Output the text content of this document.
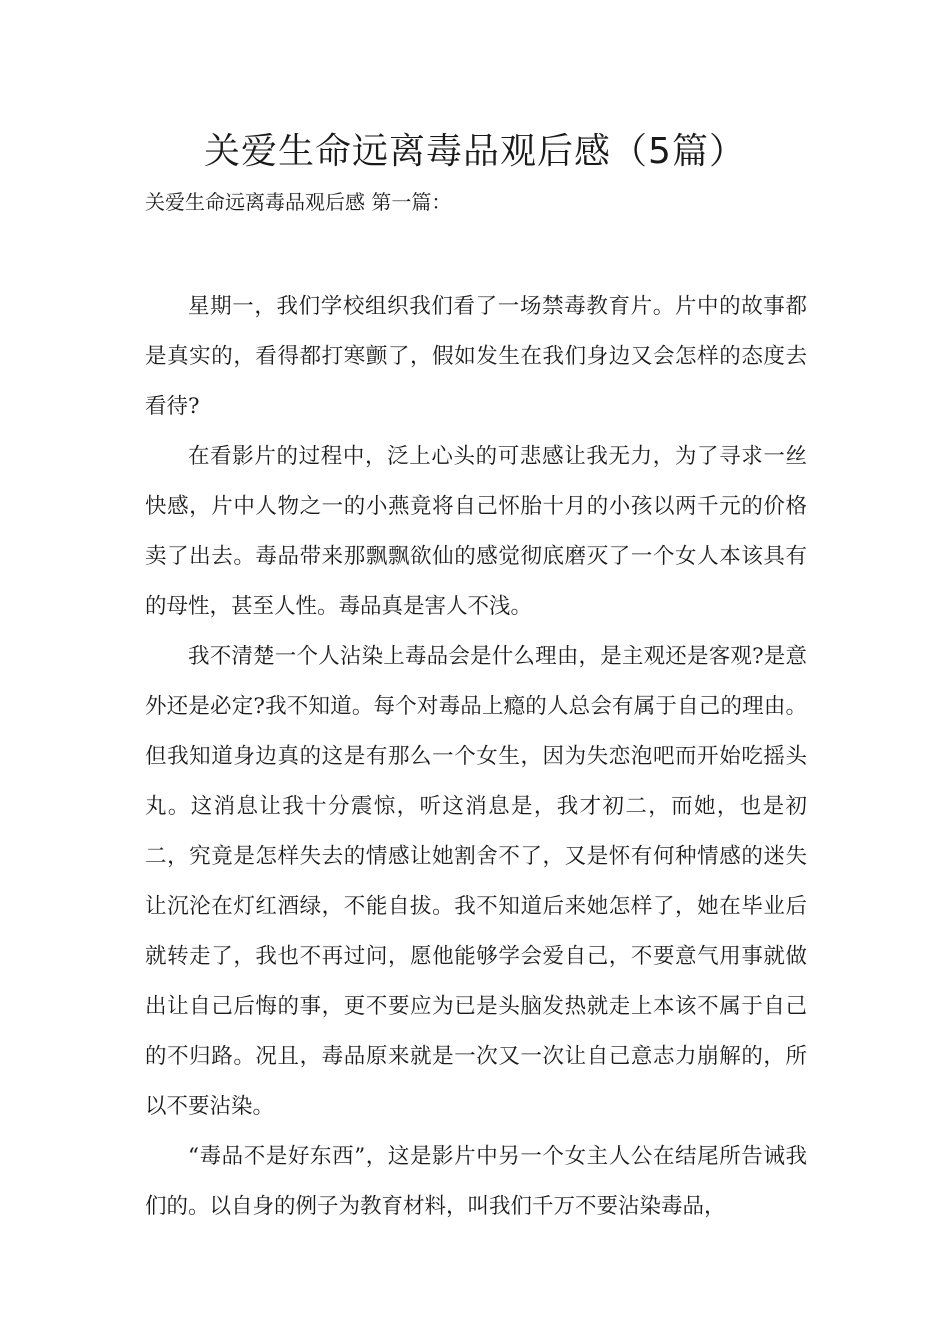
关爱生命远离毒品观后感（5篇）

关爱生命远离毒品观后感 第一篇：

星期一，我们学校组织我们看了一场禁毒教育片。片中的故事都是真实的，看得都打寒颤了，假如发生在我们身边又会怎样的态度去看待?

在看影片的过程中，泛上心头的可悲感让我无力，为了寻求一丝快感，片中人物之一的小燕竟将自己怀胎十月的小孩以两千元的价格卖了出去。毒品带来那飘飘欲仙的感觉彻底磨灭了一个女人本该具有的母性，甚至人性。毒品真是害人不浅。

我不清楚一个人沾染上毒品会是什么理由，是主观还是客观?是意外还是必定?我不知道。每个对毒品上瘾的人总会有属于自己的理由。但我知道身边真的这是有那么一个女生，因为失恋泡吧而开始吃摇头丸。这消息让我十分震惊，听这消息是，我才初二，而她，也是初二，究竟是怎样失去的情感让她割舍不了，又是怀有何种情感的迷失让沉沦在灯红酒绿，不能自拔。我不知道后来她怎样了，她在毕业后就转走了，我也不再过问，愿他能够学会爱自己，不要意气用事就做出让自己后悔的事，更不要应为已是头脑发热就走上本该不属于自己的不归路。况且，毒品原来就是一次又一次让自己意志力崩解的，所以不要沾染。

“毒品不是好东西”，这是影片中另一个女主人公在结尾所告诫我们的。以自身的例子为教育材料，叫我们千万不要沾染毒品，
